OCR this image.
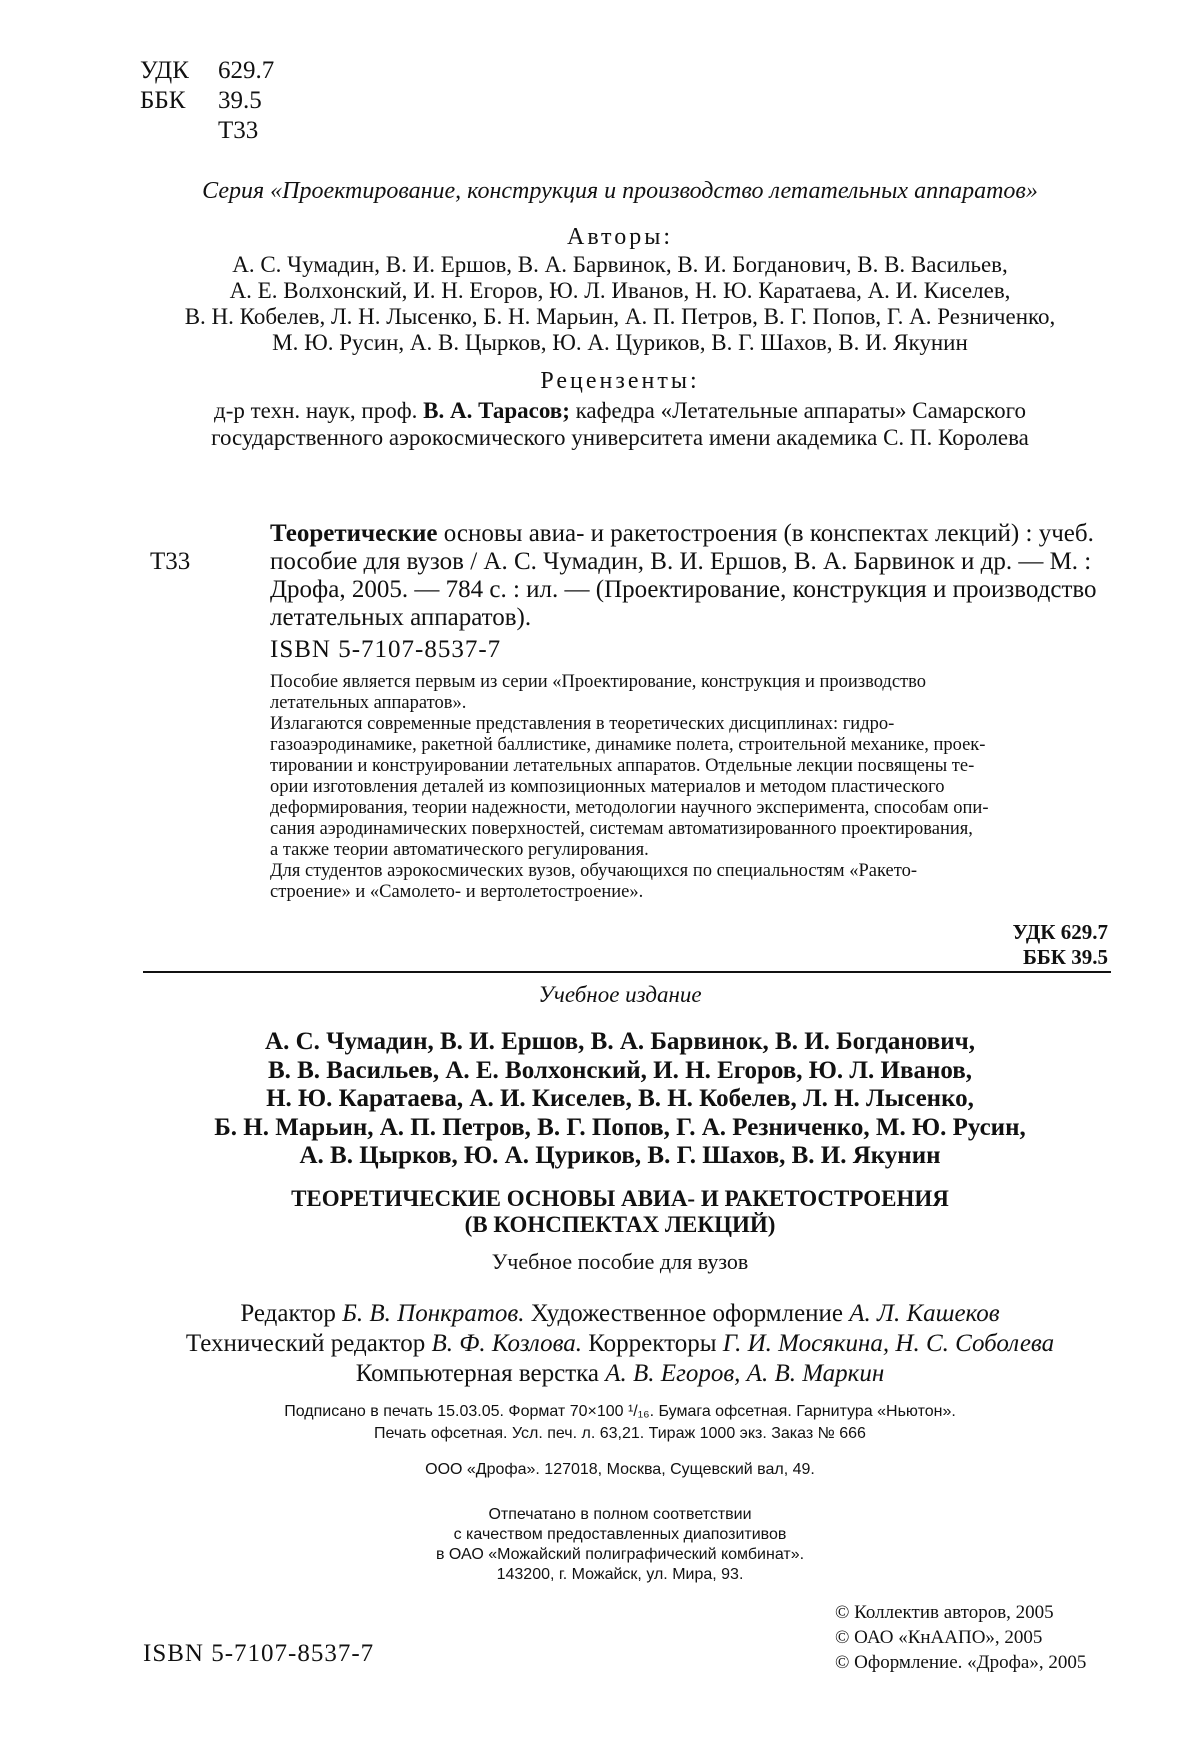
УДК 629.7
ББК 39.5
Т33
Серия «Проектирование, конструкция и производство летательных аппаратов»
Авторы:
А. С. Чумадин, В. И. Ершов, В. А. Барвинок, В. И. Богданович, В. В. Васильев,
А. Е. Волхонский, И. Н. Егоров, Ю. Л. Иванов, Н. Ю. Каратаева, А. И. Киселев,
В. Н. Кобелев, Л. Н. Лысенко, Б. Н. Марьин, А. П. Петров, В. Г. Попов, Г. А. Резниченко,
М. Ю. Русин, А. В. Цырков, Ю. А. Цуриков, В. Г. Шахов, В. И. Якунин
Рецензенты:
д-р техн. наук, проф. В. А. Тарасов; кафедра «Летательные аппараты» Самарского
государственного аэрокосмического университета имени академика С. П. Королева
Т33
Теоретические основы авиа- и ракетостроения (в конспектах лекций) : учеб.
пособие для вузов / А. С. Чумадин, В. И. Ершов, В. А. Барвинок и др. — М. :
Дрофа, 2005. — 784 с. : ил. — (Проектирование, конструкция и производство
летательных аппаратов).
ISBN 5-7107-8537-7
Пособие является первым из серии «Проектирование, конструкция и производство
летательных аппаратов».
Излагаются современные представления в теоретических дисциплинах: гидро-
газоаэродинамике, ракетной баллистике, динамике полета, строительной механике, проек-
тировании и конструировании летательных аппаратов. Отдельные лекции посвящены те-
ории изготовления деталей из композиционных материалов и методом пластического
деформирования, теории надежности, методологии научного эксперимента, способам опи-
сания аэродинамических поверхностей, системам автоматизированного проектирования,
а также теории автоматического регулирования.
Для студентов аэрокосмических вузов, обучающихся по специальностям «Ракето-
строение» и «Самолето- и вертолетостроение».
УДК 629.7
ББК 39.5
Учебное издание
А. С. Чумадин, В. И. Ершов, В. А. Барвинок, В. И. Богданович,
В. В. Васильев, А. Е. Волхонский, И. Н. Егоров, Ю. Л. Иванов,
Н. Ю. Каратаева, А. И. Киселев, В. Н. Кобелев, Л. Н. Лысенко,
Б. Н. Марьин, А. П. Петров, В. Г. Попов, Г. А. Резниченко, М. Ю. Русин,
А. В. Цырков, Ю. А. Цуриков, В. Г. Шахов, В. И. Якунин
ТЕОРЕТИЧЕСКИЕ ОСНОВЫ АВИА- И РАКЕТОСТРОЕНИЯ
(В КОНСПЕКТАХ ЛЕКЦИЙ)
Учебное пособие для вузов
Редактор Б. В. Понкратов. Художественное оформление А. Л. Кашеков
Технический редактор В. Ф. Козлова. Корректоры Г. И. Мосякина, Н. С. Соболева
Компьютерная верстка А. В. Егоров, А. В. Маркин
Подписано в печать 15.03.05. Формат 70×100 ¹/₁₆. Бумага офсетная. Гарнитура «Ньютон».
Печать офсетная. Усл. печ. л. 63,21. Тираж 1000 экз. Заказ № 666
ООО «Дрофа». 127018, Москва, Сущевский вал, 49.
Отпечатано в полном соответствии
с качеством предоставленных диапозитивов
в ОАО «Можайский полиграфический комбинат».
143200, г. Можайск, ул. Мира, 93.
© Коллектив авторов, 2005
© ОАО «КнААПО», 2005
© Оформление. «Дрофа», 2005
ISBN 5-7107-8537-7
